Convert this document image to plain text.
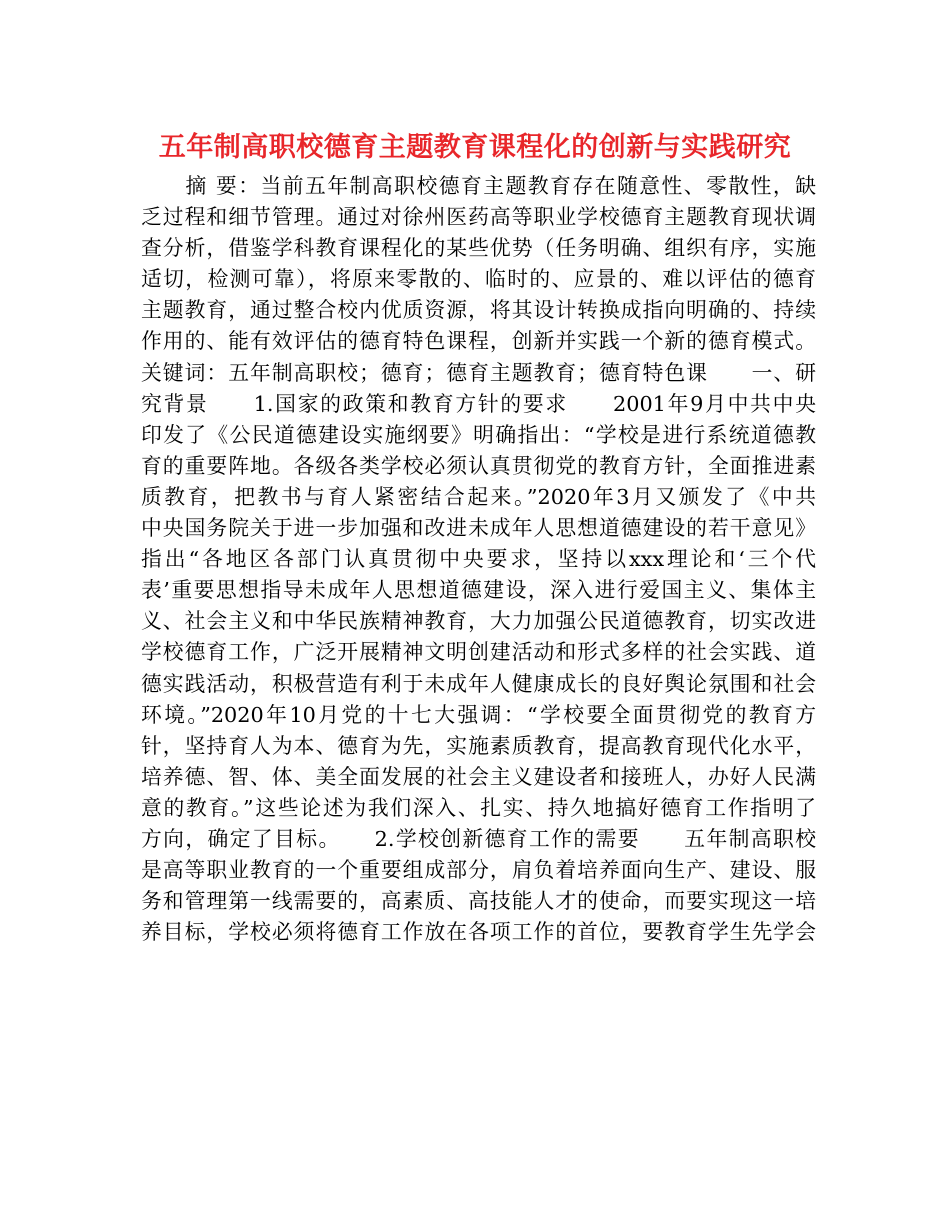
五年制高职校德育主题教育课程化的创新与实践研究
　　摘 要：当前五年制高职校德育主题教育存在随意性、零散性，缺
乏过程和细节管理。通过对徐州医药高等职业学校德育主题教育现状调
查分析，借鉴学科教育课程化的某些优势（任务明确、组织有序，实施
适切，检测可靠），将原来零散的、临时的、应景的、难以评估的德育
主题教育，通过整合校内优质资源，将其设计转换成指向明确的、持续
作用的、能有效评估的德育特色课程，创新并实践一个新的德育模式。
关键词：五年制高职校；德育；德育主题教育；德育特色课　　一、研
究背景　　1.国家的政策和教育方针的要求　　2001年9月中共中央
印发了《公民道德建设实施纲要》明确指出：“学校是进行系统道德教
育的重要阵地。各级各类学校必须认真贯彻党的教育方针，全面推进素
质教育，把教书与育人紧密结合起来。”2020年3月又颁发了《中共
中央国务院关于进一步加强和改进未成年人思想道德建设的若干意见》
指出“各地区各部门认真贯彻中央要求，坚持以xxx理论和‘三个代
表’重要思想指导未成年人思想道德建设，深入进行爱国主义、集体主
义、社会主义和中华民族精神教育，大力加强公民道德教育，切实改进
学校德育工作，广泛开展精神文明创建活动和形式多样的社会实践、道
德实践活动，积极营造有利于未成年人健康成长的良好舆论氛围和社会
环境。”2020年10月党的十七大强调：“学校要全面贯彻党的教育方
针，坚持育人为本、德育为先，实施素质教育，提高教育现代化水平，
培养德、智、体、美全面发展的社会主义建设者和接班人，办好人民满
意的教育。”这些论述为我们深入、扎实、持久地搞好德育工作指明了
方向，确定了目标。　　2.学校创新德育工作的需要　　五年制高职校
是高等职业教育的一个重要组成部分，肩负着培养面向生产、建设、服
务和管理第一线需要的，高素质、高技能人才的使命，而要实现这一培
养目标，学校必须将德育工作放在各项工作的首位，要教育学生先学会
